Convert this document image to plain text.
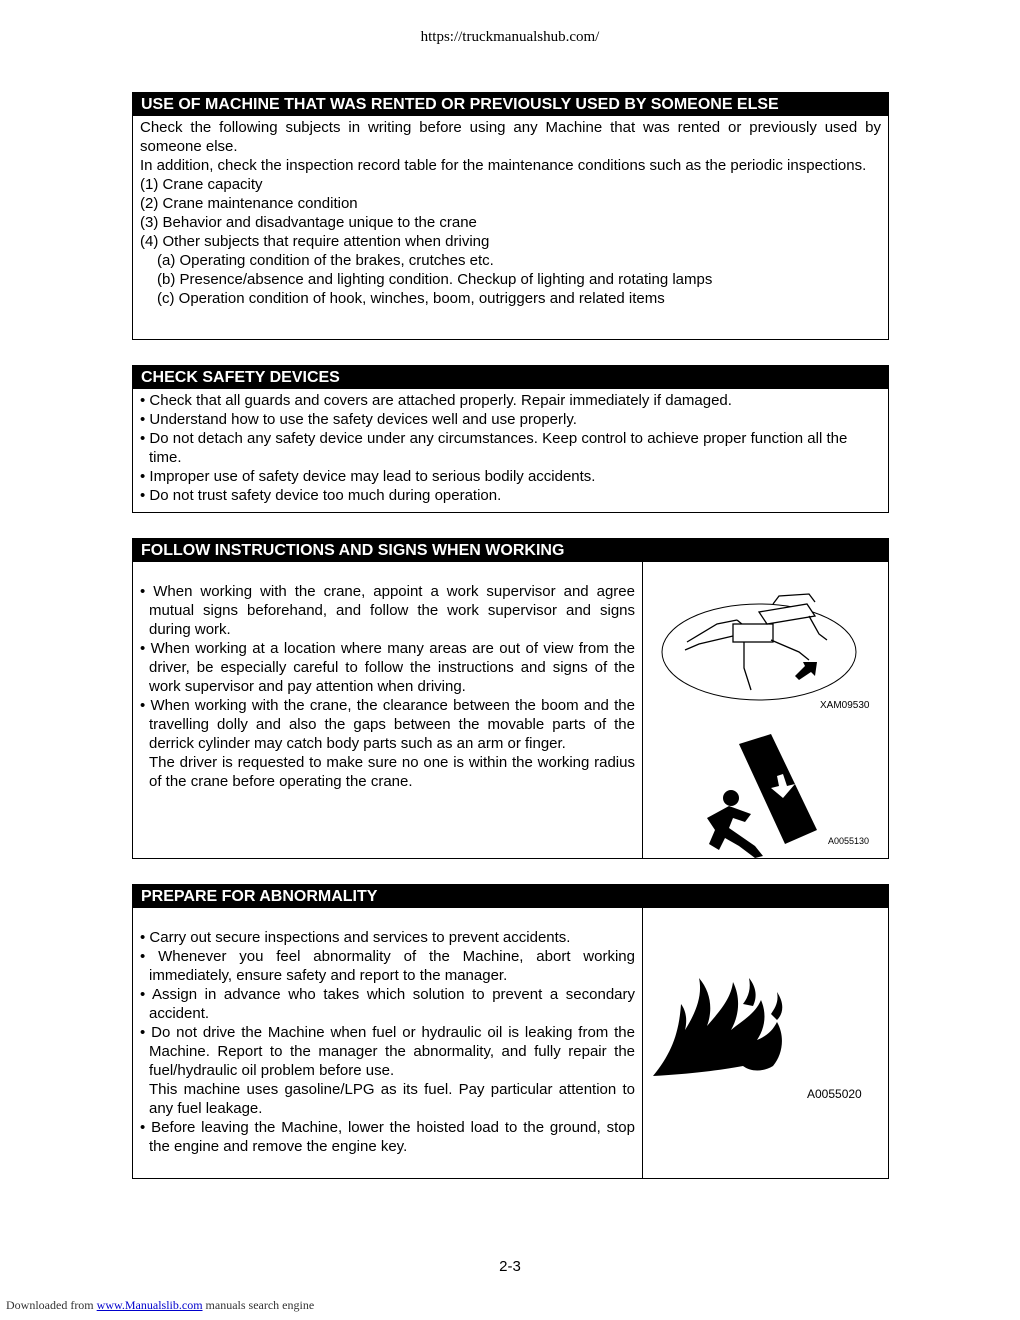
https://truckmanualshub.com/
USE OF MACHINE THAT WAS RENTED OR PREVIOUSLY USED BY SOMEONE ELSE

Check the following subjects in writing before using any Machine that was rented or previously used by someone else.

In addition, check the inspection record table for the maintenance conditions such as the periodic inspections.

(1) Crane capacity

(2) Crane maintenance condition

(3) Behavior and disadvantage unique to the crane

(4) Other subjects that require attention when driving

(a) Operating condition of the brakes, crutches etc.

(b) Presence/absence and lighting condition. Checkup of lighting and rotating lamps

(c) Operation condition of hook, winches, boom, outriggers and related items

CHECK SAFETY DEVICES

• Check that all guards and covers are attached properly. Repair immediately if damaged.

• Understand how to use the safety devices well and use properly.

• Do not detach any safety device under any circumstances. Keep control to achieve proper function all the time.

• Improper use of safety device may lead to serious bodily accidents.

• Do not trust safety device too much during operation.

FOLLOW INSTRUCTIONS AND SIGNS WHEN WORKING

• When working with the crane, appoint a work supervisor and agree mutual signs beforehand, and follow the work supervisor and signs during work.

• When working at a location where many areas are out of view from the driver, be especially careful to follow the instructions and signs of the work supervisor and pay attention when driving.

• When working with the crane, the clearance between the boom and the travelling dolly and also the gaps between the movable parts of the derrick cylinder may catch body parts such as an arm or finger.

The driver is requested to make sure no one is within the working radius of the crane before operating the crane.

XAM09530
A0055130
PREPARE FOR ABNORMALITY

• Carry out secure inspections and services to prevent accidents.

• Whenever you feel abnormality of the Machine, abort working immediately, ensure safety and report to the manager.

• Assign in advance who takes which solution to prevent a secondary accident.

• Do not drive the Machine when fuel or hydraulic oil is leaking from the Machine. Report to the manager the abnormality, and fully repair the fuel/hydraulic oil problem before use.

This machine uses gasoline/LPG as its fuel. Pay particular attention to any fuel leakage.

• Before leaving the Machine, lower the hoisted load to the ground, stop the engine and remove the engine key.

A0055020
2-3
Downloaded from www.Manualslib.com manuals search engine
